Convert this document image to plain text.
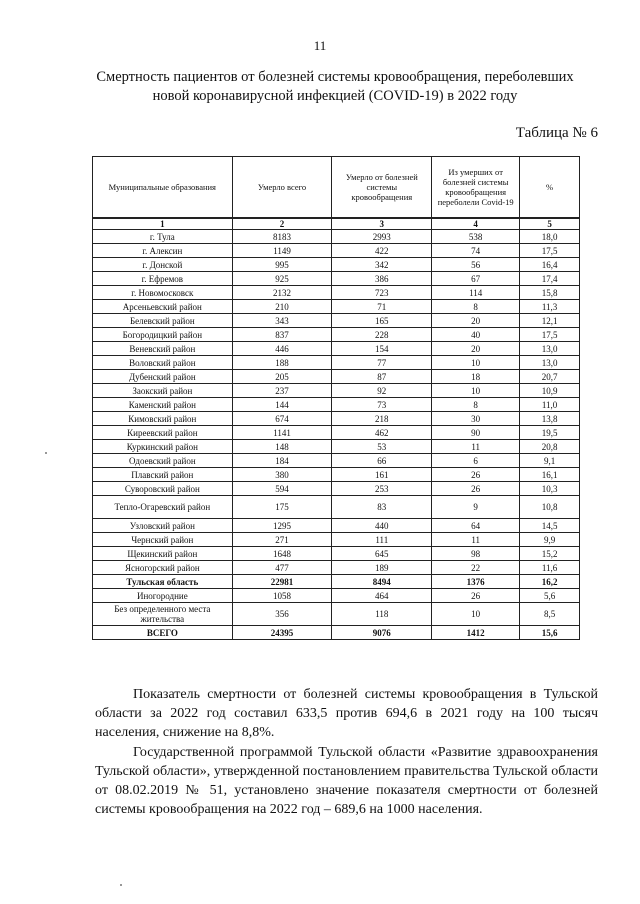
11
Смертность пациентов от болезней системы кровообращения, переболевших
новой коронавирусной инфекцией (COVID-19) в 2022 году
Таблица № 6
Муниципальные образования	Умерло всего	Умерло от болезней системы кровообращения	Из умерших от болезней системы кровообращения переболели Covid-19	%
1	2	3	4	5
г. Тула	8183	2993	538	18,0
г. Алексин	1149	422	74	17,5
г. Донской	995	342	56	16,4
г. Ефремов	925	386	67	17,4
г. Новомосковск	2132	723	114	15,8
Арсеньевский район	210	71	8	11,3
Белевский район	343	165	20	12,1
Богородицкий район	837	228	40	17,5
Веневский район	446	154	20	13,0
Воловский район	188	77	10	13,0
Дубенский район	205	87	18	20,7
Заокский район	237	92	10	10,9
Каменский район	144	73	8	11,0
Кимовский район	674	218	30	13,8
Киреевский район	1141	462	90	19,5
Куркинский район	148	53	11	20,8
Одоевский район	184	66	6	9,1
Плавский район	380	161	26	16,1
Суворовский район	594	253	26	10,3
Тепло-Огаревский район	175	83	9	10,8
Узловский район	1295	440	64	14,5
Чернский район	271	111	11	9,9
Щекинский район	1648	645	98	15,2
Ясногорский район	477	189	22	11,6
Тульская область	22981	8494	1376	16,2
Иногородние	1058	464	26	5,6
Без определенного места жительства	356	118	10	8,5
ВСЕГО	24395	9076	1412	15,6
Показатель смертности от болезней системы кровообращения в Тульской области за 2022 год составил 633,5 против 694,6 в 2021 году на 100 тысяч населения, снижение на 8,8%.
Государственной программой Тульской области «Развитие здравоохранения Тульской области», утвержденной постановлением правительства Тульской области от 08.02.2019 № 51, установлено значение показателя смертности от болезней системы кровообращения на 2022 год – 689,6 на 1000 населения.
